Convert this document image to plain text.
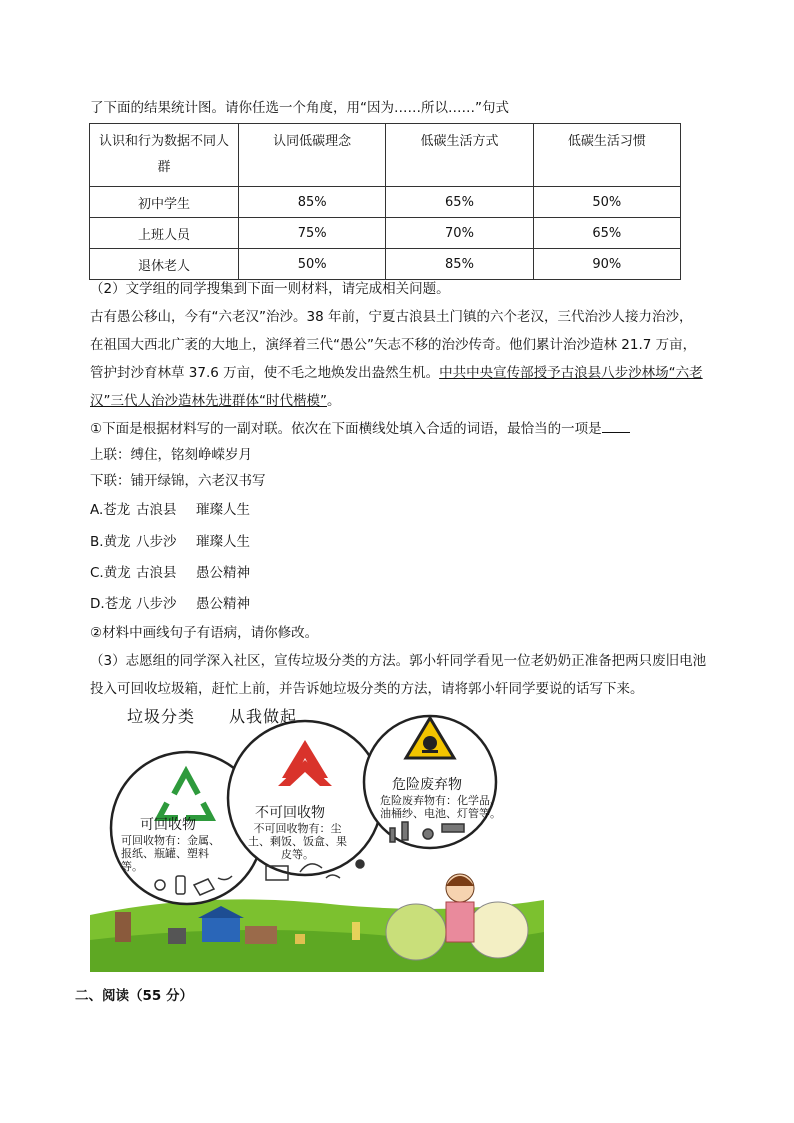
了下面的结果统计图。请你任选一个角度，用“因为……所以……”句式
认识和行为数据不同人
群	认同低碳理念	低碳生活方式	低碳生活习惯
初中学生	85%	65%	50%
上班人员	75%	70%	65%
退休老人	50%	85%	90%
（2）文学组的同学搜集到下面一则材料，请完成相关问题。
古有愚公移山，今有“六老汉”治沙。38 年前，宁夏古浪县土门镇的六个老汉，三代治沙人接力治沙，
在祖国大西北广袤的大地上，演绎着三代“愚公”矢志不移的治沙传奇。他们累计治沙造林 21.7 万亩，
管护封沙育林草 37.6 万亩，使不毛之地焕发出盎然生机。中共中央宣传部授予古浪县八步沙林场“六老
汉”三代人治沙造林先进群体“时代楷模”。
①下面是根据材料写的一副对联。依次在下面横线处填入合适的词语，最恰当的一项是
上联：缚住，铭刻峥嵘岁月
下联：铺开绿锦，六老汉书写
A.苍龙 古浪县 璀璨人生
B.黄龙 八步沙 璀璨人生
C.黄龙 古浪县 愚公精神
D.苍龙 八步沙 愚公精神
②材料中画线句子有语病，请你修改。
（3）志愿组的同学深入社区，宣传垃圾分类的方法。郭小轩同学看见一位老奶奶正准备把两只废旧电池
投入可回收垃圾箱，赶忙上前，并告诉她垃圾分类的方法，请将郭小轩同学要说的话写下来。
垃圾分类　　从我做起
可回收物
可回收物有：金属、
报纸、瓶罐、塑料
等。
不可回收物
不可回收物有：尘
土、剩饭、饭盒、果
皮等。
危险废弃物
危险废弃物有：化学品、
油桶纱、电池、灯管等。
二、阅读（55 分）
